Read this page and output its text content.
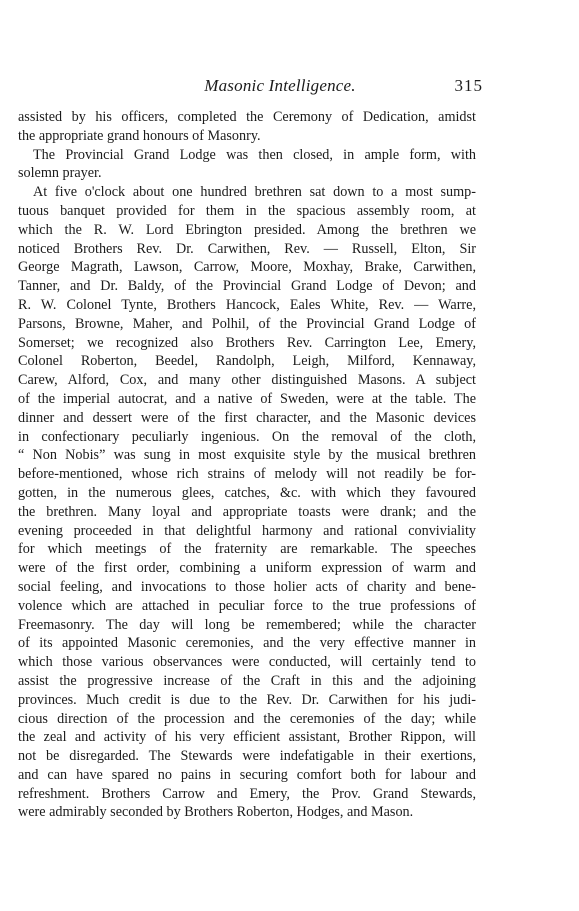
Masonic Intelligence.	315
assisted by his officers, completed the Ceremony of Dedication, amidst
the appropriate grand honours of Masonry.
The Provincial Grand Lodge was then closed, in ample form, with
solemn prayer.
At five o'clock about one hundred brethren sat down to a most sump-
tuous banquet provided for them in the spacious assembly room, at
which the R. W. Lord Ebrington presided. Among the brethren we
noticed Brothers Rev. Dr. Carwithen, Rev. — Russell, Elton, Sir
George Magrath, Lawson, Carrow, Moore, Moxhay, Brake, Carwithen,
Tanner, and Dr. Baldy, of the Provincial Grand Lodge of Devon; and
R. W. Colonel Tynte, Brothers Hancock, Eales White, Rev. — Warre,
Parsons, Browne, Maher, and Polhil, of the Provincial Grand Lodge of
Somerset; we recognized also Brothers Rev. Carrington Lee, Emery,
Colonel Roberton, Beedel, Randolph, Leigh, Milford, Kennaway,
Carew, Alford, Cox, and many other distinguished Masons. A subject
of the imperial autocrat, and a native of Sweden, were at the table. The
dinner and dessert were of the first character, and the Masonic devices
in confectionary peculiarly ingenious. On the removal of the cloth,
“ Non Nobis” was sung in most exquisite style by the musical brethren
before-mentioned, whose rich strains of melody will not readily be for-
gotten, in the numerous glees, catches, &c. with which they favoured
the brethren. Many loyal and appropriate toasts were drank; and the
evening proceeded in that delightful harmony and rational conviviality
for which meetings of the fraternity are remarkable. The speeches
were of the first order, combining a uniform expression of warm and
social feeling, and invocations to those holier acts of charity and bene-
volence which are attached in peculiar force to the true professions of
Freemasonry. The day will long be remembered; while the character
of its appointed Masonic ceremonies, and the very effective manner in
which those various observances were conducted, will certainly tend to
assist the progressive increase of the Craft in this and the adjoining
provinces. Much credit is due to the Rev. Dr. Carwithen for his judi-
cious direction of the procession and the ceremonies of the day; while
the zeal and activity of his very efficient assistant, Brother Rippon, will
not be disregarded. The Stewards were indefatigable in their exertions,
and can have spared no pains in securing comfort both for labour and
refreshment. Brothers Carrow and Emery, the Prov. Grand Stewards,
were admirably seconded by Brothers Roberton, Hodges, and Mason.
